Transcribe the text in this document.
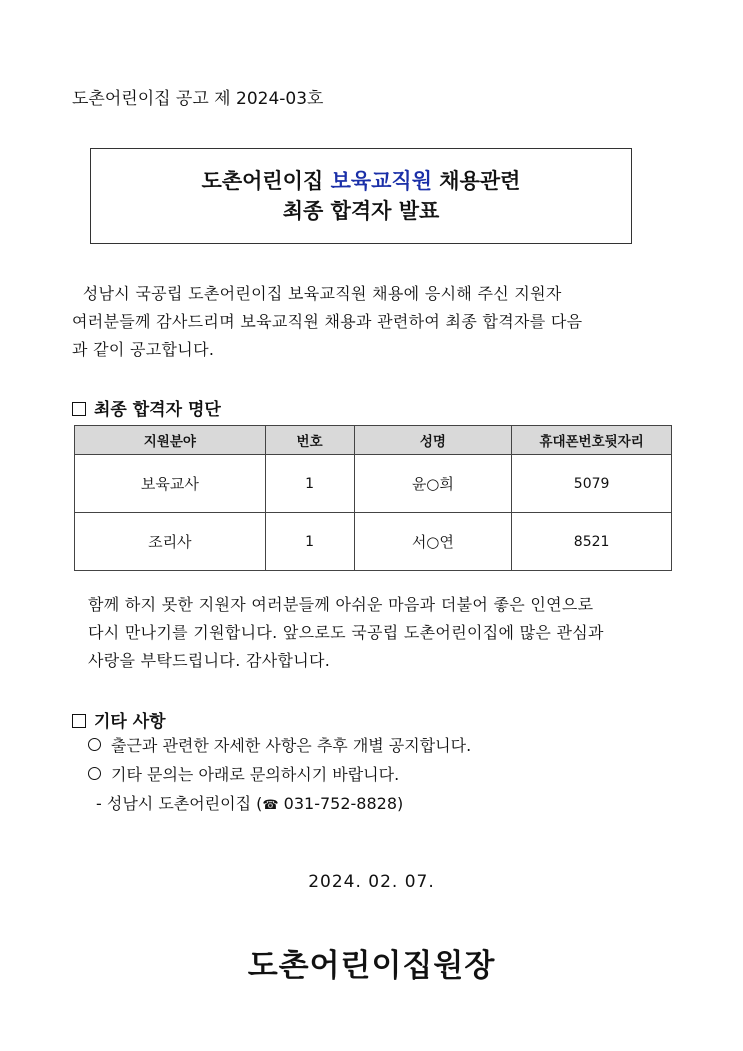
도촌어린이집 공고 제 2024-03호
도촌어린이집 보육교직원 채용관련
최종 합격자 발표
성남시 국공립 도촌어린이집 보육교직원 채용에 응시해 주신 지원자
여러분들께 감사드리며 보육교직원 채용과 관련하여 최종 합격자를 다음
과 같이 공고합니다.
최종 합격자 명단
지원분야	번호	성명	휴대폰번호뒷자리
보육교사	1	윤○희	5079
조리사	1	서○연	8521
함께 하지 못한 지원자 여러분들께 아쉬운 마음과 더불어 좋은 인연으로
다시 만나기를 기원합니다. 앞으로도 국공립 도촌어린이집에 많은 관심과
사랑을 부탁드립니다. 감사합니다.
기타 사항
출근과 관련한 자세한 사항은 추후 개별 공지합니다.
기타 문의는 아래로 문의하시기 바랍니다.
- 성남시 도촌어린이집 (☎ 031-752-8828)
2024. 02. 07.
도촌어린이집원장
